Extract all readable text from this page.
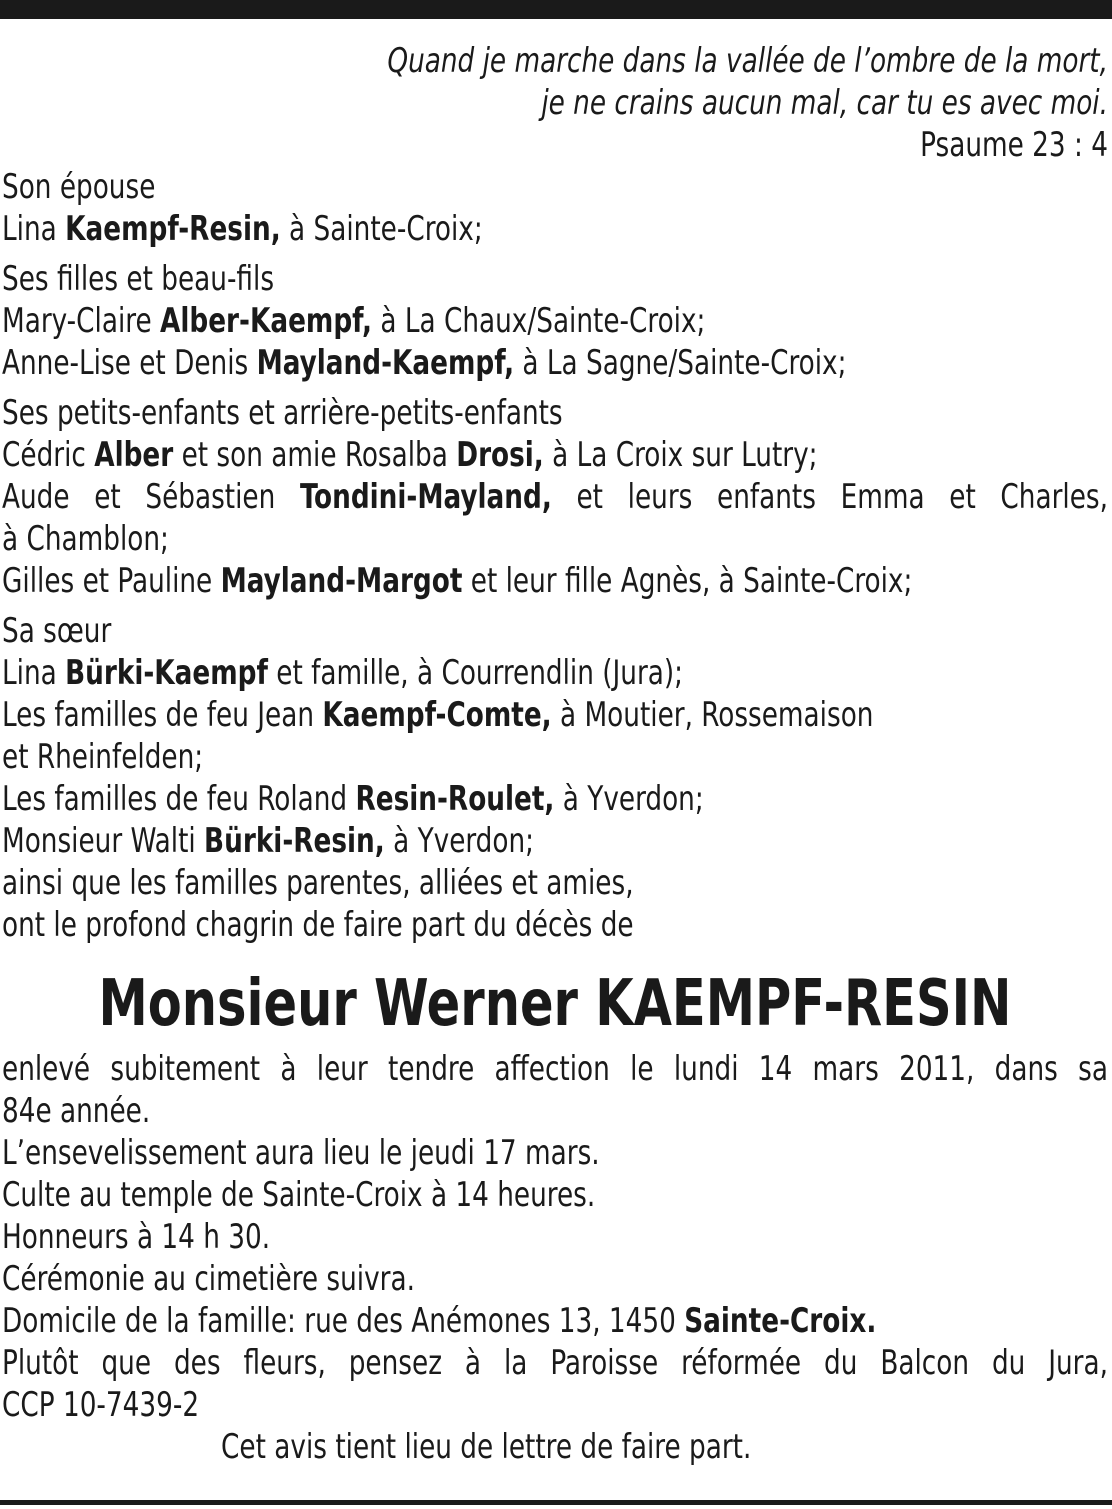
Quand je marche dans la vallée de l’ombre de la mort,
je ne crains aucun mal, car tu es avec moi.
Psaume 23 : 4
Son épouse
Lina Kaempf-Resin, à Sainte-Croix;
Ses filles et beau-fils
Mary-Claire Alber-Kaempf, à La Chaux/Sainte-Croix;
Anne-Lise et Denis Mayland-Kaempf, à La Sagne/Sainte-Croix;
Ses petits-enfants et arrière-petits-enfants
Cédric Alber et son amie Rosalba Drosi, à La Croix sur Lutry;
Aude et Sébastien Tondini-Mayland, et leurs enfants Emma et Charles,
à Chamblon;
Gilles et Pauline Mayland-Margot et leur fille Agnès, à Sainte-Croix;
Sa sœur
Lina Bürki-Kaempf et famille, à Courrendlin (Jura);
Les familles de feu Jean Kaempf-Comte, à Moutier, Rossemaison
et Rheinfelden;
Les familles de feu Roland Resin-Roulet, à Yverdon;
Monsieur Walti Bürki-Resin, à Yverdon;
ainsi que les familles parentes, alliées et amies,
ont le profond chagrin de faire part du décès de
Monsieur Werner KAEMPF-RESIN
enlevé subitement à leur tendre affection le lundi 14 mars 2011, dans sa
84e année.
L’ensevelissement aura lieu le jeudi 17 mars.
Culte au temple de Sainte-Croix à 14 heures.
Honneurs à 14 h 30.
Cérémonie au cimetière suivra.
Domicile de la famille: rue des Anémones 13, 1450 Sainte-Croix.
Plutôt que des fleurs, pensez à la Paroisse réformée du Balcon du Jura,
CCP 10-7439-2
Cet avis tient lieu de lettre de faire part.
